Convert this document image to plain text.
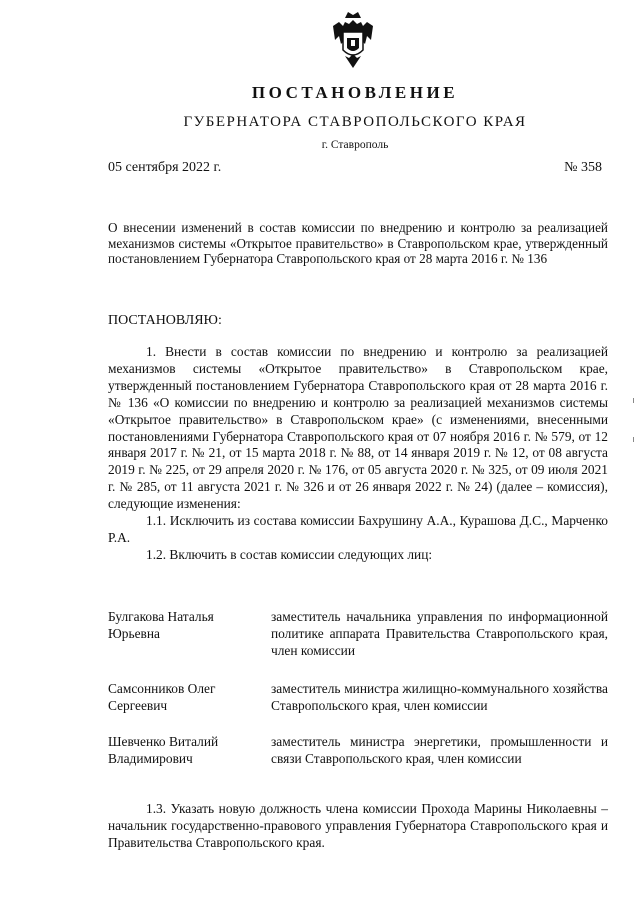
ПОСТАНОВЛЕНИЕ
ГУБЕРНАТОРА СТАВРОПОЛЬСКОГО КРАЯ
г. Ставрополь
05 сентября 2022 г.	№ 358
О внесении изменений в состав комиссии по внедрению и контролю за реализацией механизмов системы «Открытое правительство» в Ставропольском крае, утвержденный постановлением Губернатора Ставропольского края от 28 марта 2016 г. № 136
ПОСТАНОВЛЯЮ:

1. Внести в состав комиссии по внедрению и контролю за реализацией механизмов системы «Открытое правительство» в Ставропольском крае, утвержденный постановлением Губернатора Ставропольского края от 28 марта 2016 г. № 136 «О комиссии по внедрению и контролю за реализацией механизмов системы «Открытое правительство» в Ставропольском крае» (с изменениями, внесенными постановлениями Губернатора Ставропольского края от 07 ноября 2016 г. № 579, от 12 января 2017 г. № 21, от 15 марта 2018 г. № 88, от 14 января 2019 г. № 12, от 08 августа 2019 г. № 225, от 29 апреля 2020 г. № 176, от 05 августа 2020 г. № 325, от 09 июля 2021 г. № 285, от 11 августа 2021 г. № 326 и от 26 января 2022 г. № 24) (далее – комиссия), следующие изменения:

1.1. Исключить из состава комиссии Бахрушину А.А., Курашова Д.С., Марченко Р.А.

1.2. Включить в состав комиссии следующих лиц:

Булгакова Наталья
Юрьевна
заместитель начальника управления по информационной политике аппарата Правительства Ставропольского края, член комиссии
Самсонников Олег
Сергеевич
заместитель министра жилищно-коммунального хозяйства Ставропольского края, член комиссии
Шевченко Виталий
Владимирович
заместитель министра энергетики, промышленности и связи Ставропольского края, член комиссии

1.3. Указать новую должность члена комиссии Прохода Марины Николаевны – начальник государственно-правового управления Губернатора Ставропольского края и Правительства Ставропольского края.
